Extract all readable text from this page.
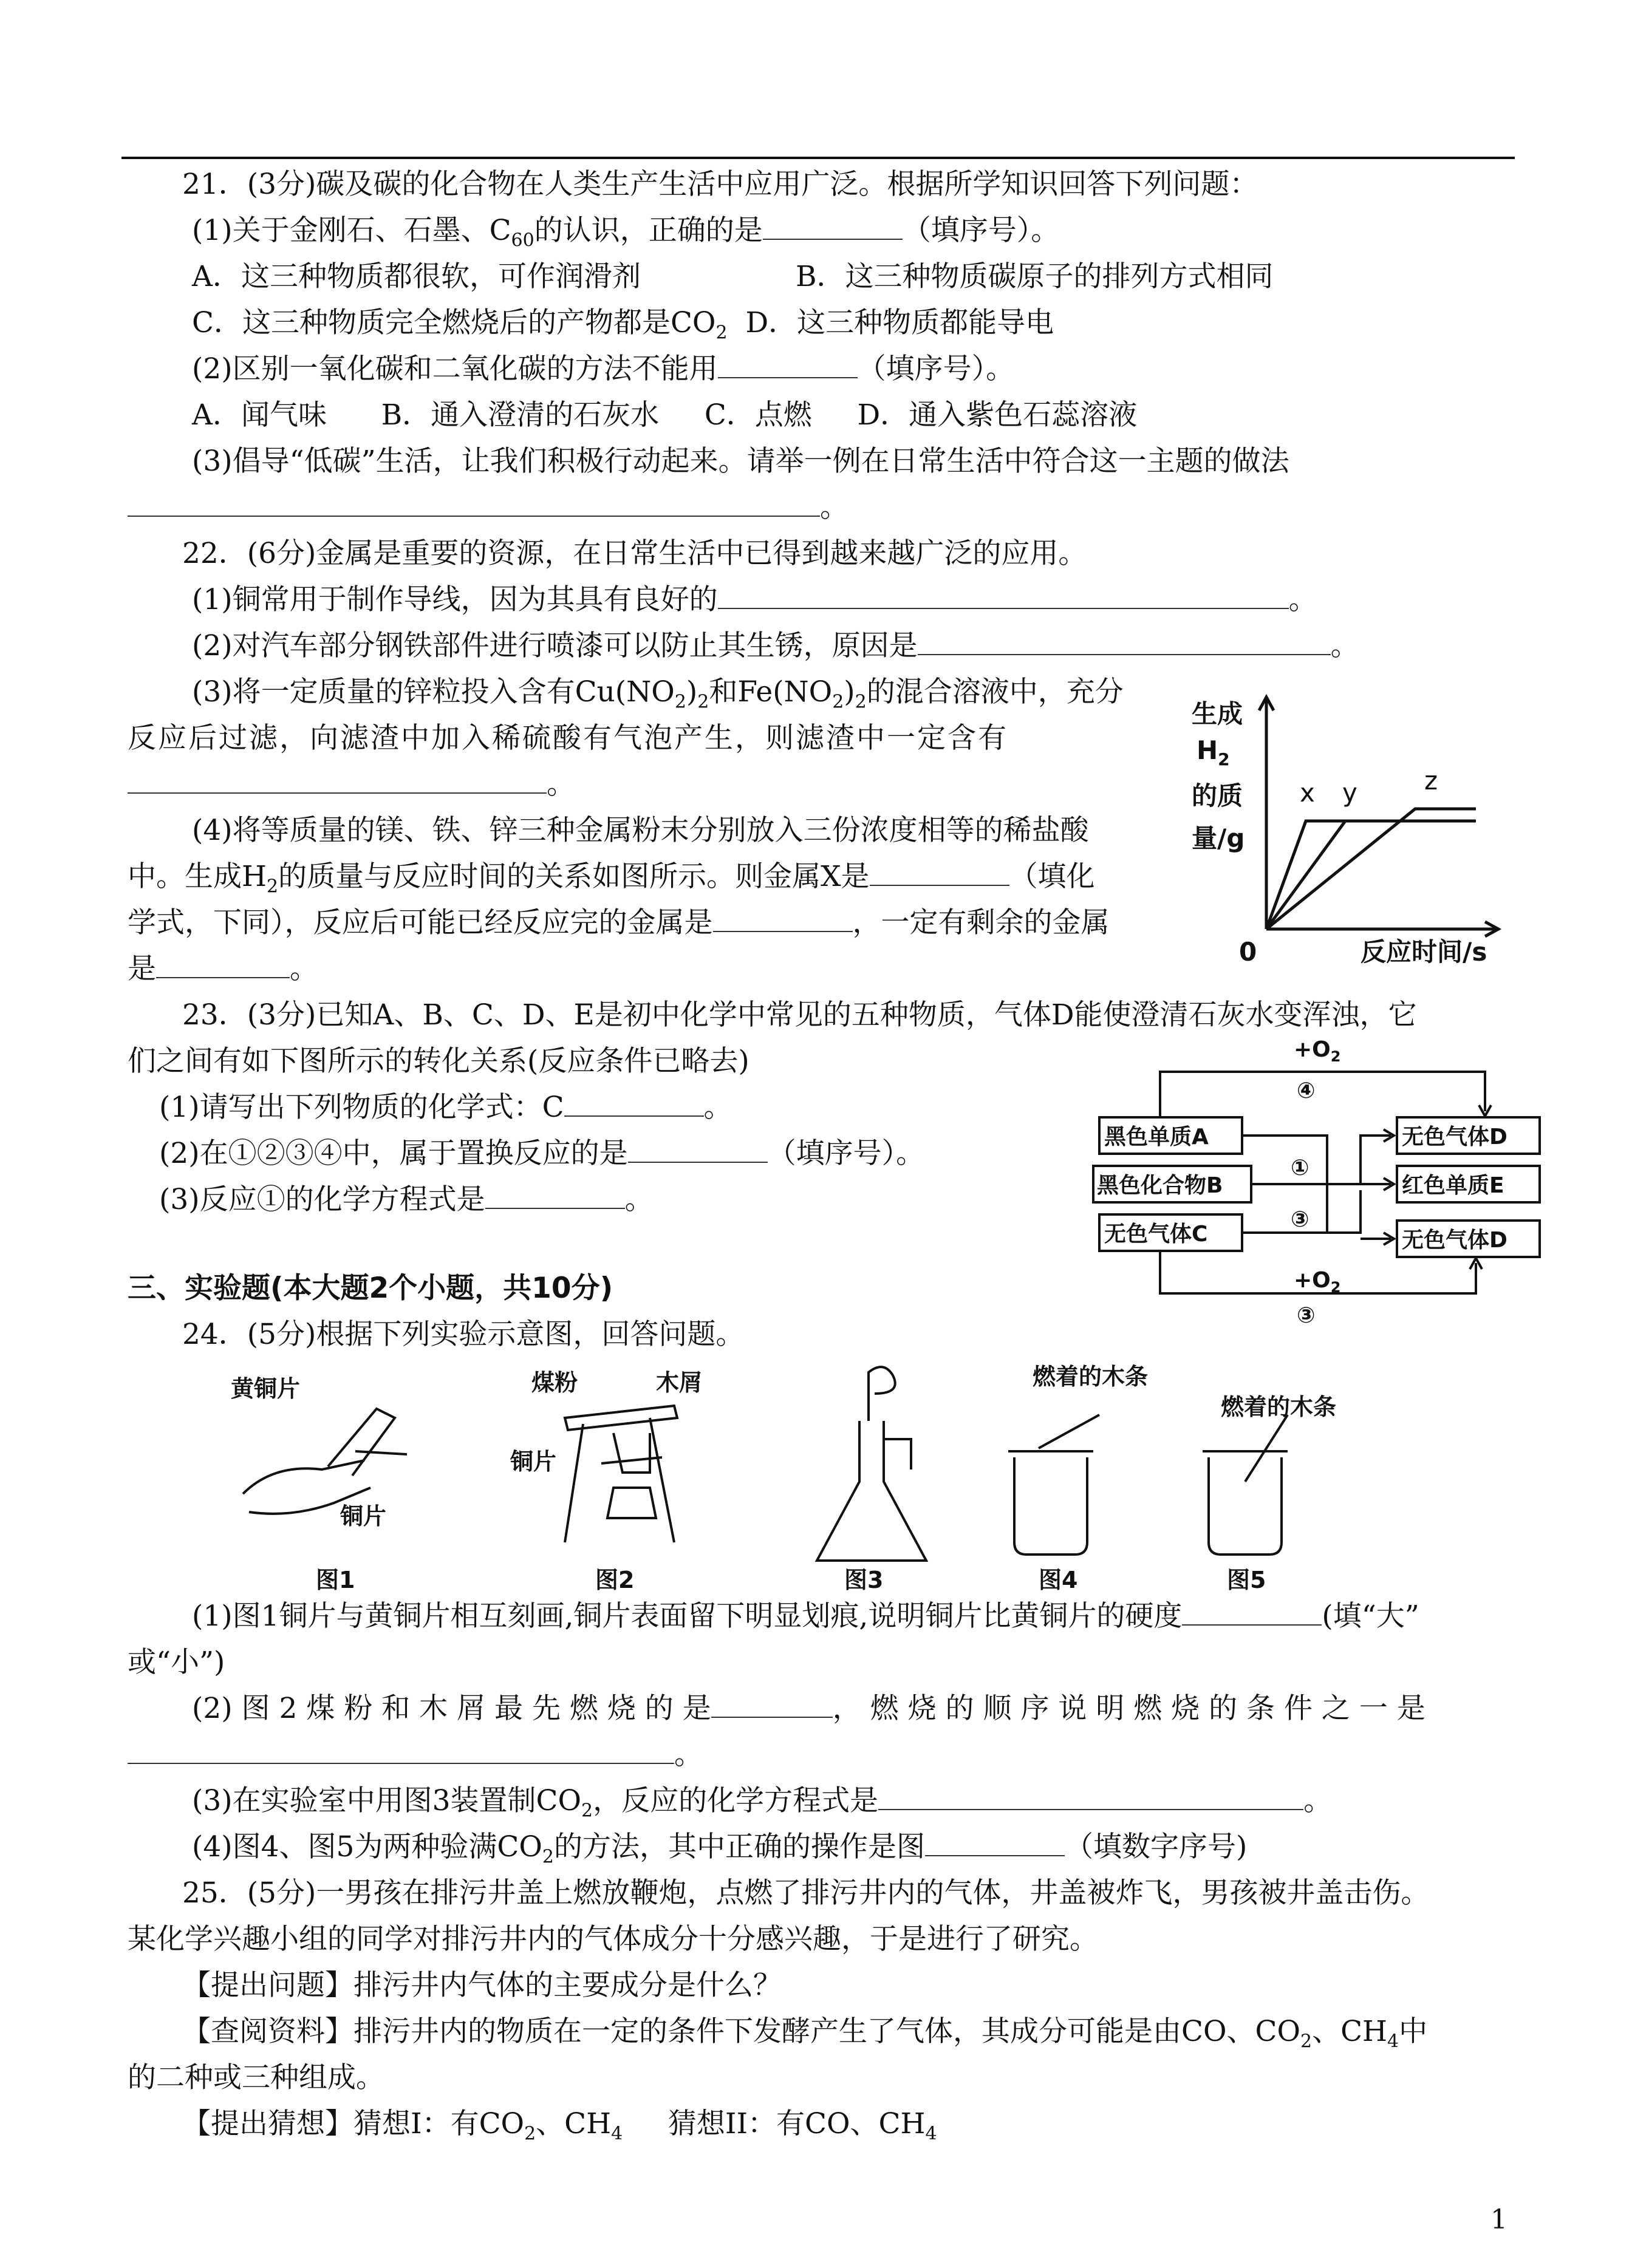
21．(3分)碳及碳的化合物在人类生产生活中应用广泛。根据所学知识回答下列问题：
(1)关于金刚石、石墨、$C_{60}$的认识，正确的是	（填序号）。
A．这三种物质都很软，可作润滑剂	B．这三种物质碳原子的排列方式相同
C．这三种物质完全燃烧后的产物都是$CO_2$ D．这三种物质都能导电
(2)区别一氧化碳和二氧化碳的方法不能用	（填序号）。
A．闻气味      B．通入澄清的石灰水     C．点燃     D．通入紫色石蕊溶液
(3)倡导“低碳”生活，让我们积极行动起来。请举一例在日常生活中符合这一主题的做法
。
22．(6分)金属是重要的资源，在日常生活中已得到越来越广泛的应用。
(1)铜常用于制作导线，因为其具有良好的	。
(2)对汽车部分钢铁部件进行喷漆可以防止其生锈，原因是	。
(3)将一定质量的锌粒投入含有$Cu(NO_2)_2$和$Fe(NO_2)_2$的混合溶液中，充分
反应后过滤，向滤渣中加入稀硫酸有气泡产生，则滤渣中一定含有
。
(4)将等质量的镁、铁、锌三种金属粉末分别放入三份浓度相等的稀盐酸
中。生成$H_2$的质量与反应时间的关系如图所示。则金属X是	（填化
学式，下同），反应后可能已经反应完的金属是	，一定有剩余的金属
是	。
生成
$H_2$
的质
量/g
0	反应时间/s
x y	z
23．(3分)已知A、B、C、D、E是初中化学中常见的五种物质，气体D能使澄清石灰水变浑浊，它
们之间有如下图所示的转化关系(反应条件已略去)
(1)请写出下列物质的化学式：C	。
(2)在①②③④中，属于置换反应的是	（填序号）。
(3)反应①的化学方程式是	。
黑色单质A
黑色化合物B
无色气体C
无色气体D
红色单质E
无色气体D
$+O_2$
④
①
③
$+O_2$
③
三、实验题(本大题2个小题，共10分)
24．(5分)根据下列实验示意图，回答问题。
黄铜片
铜片
煤粉	木屑
铜片
燃着的木条
燃着的木条
图1	图2	图3	图4	图5
(1)图1铜片与黄铜片相互刻画,铜片表面留下明显划痕,说明铜片比黄铜片的硬度	(填“大”
或“小”)
(2) 图 2 煤 粉 和 木 屑 最 先 燃 烧 的 是	， 燃 烧 的 顺 序 说 明 燃 烧 的 条 件 之 一 是
。
(3)在实验室中用图3装置制$CO_2$，反应的化学方程式是	。
(4)图4、图5为两种验满$CO_2$的方法，其中正确的操作是图	（填数字序号)
25．(5分)一男孩在排污井盖上燃放鞭炮，点燃了排污井内的气体，井盖被炸飞，男孩被井盖击伤。
某化学兴趣小组的同学对排污井内的气体成分十分感兴趣，于是进行了研究。
【提出问题】排污井内气体的主要成分是什么？
【查阅资料】排污井内的物质在一定的条件下发酵产生了气体，其成分可能是由CO、$CO_2$、$CH_4$中
的二种或三种组成。
【提出猜想】猜想I：有$CO_2$、$CH_4$     猜想II：有CO、$CH_4$
1
